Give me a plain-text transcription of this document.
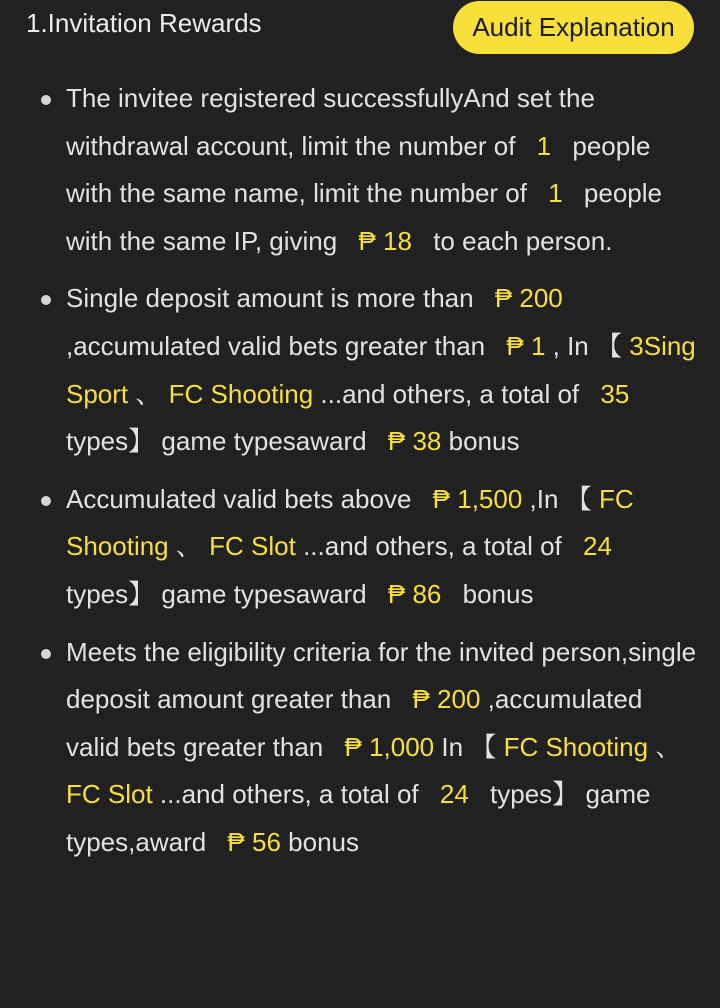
1.Invitation Rewards	Audit Explanation
The invitee registered successfullyAnd set the withdrawal account, limit the number of 1 people with the same name, limit the number of 1 people with the same IP, giving ₱ 18 to each person.
Single deposit amount is more than ₱ 200 ,accumulated valid bets greater than ₱ 1 , In 【 3Sing Sport 、 FC Shooting ...and others, a total of 35 types】 game typesaward ₱ 38 bonus
Accumulated valid bets above ₱ 1,500 ,In 【 FC Shooting 、 FC Slot ...and others, a total of 24 types】 game typesaward ₱ 86 bonus
Meets the eligibility criteria for the invited person,single deposit amount greater than ₱ 200 ,accumulated valid bets greater than ₱ 1,000 In 【 FC Shooting 、 FC Slot ...and others, a total of 24 types】 game types,award ₱ 56 bonus
